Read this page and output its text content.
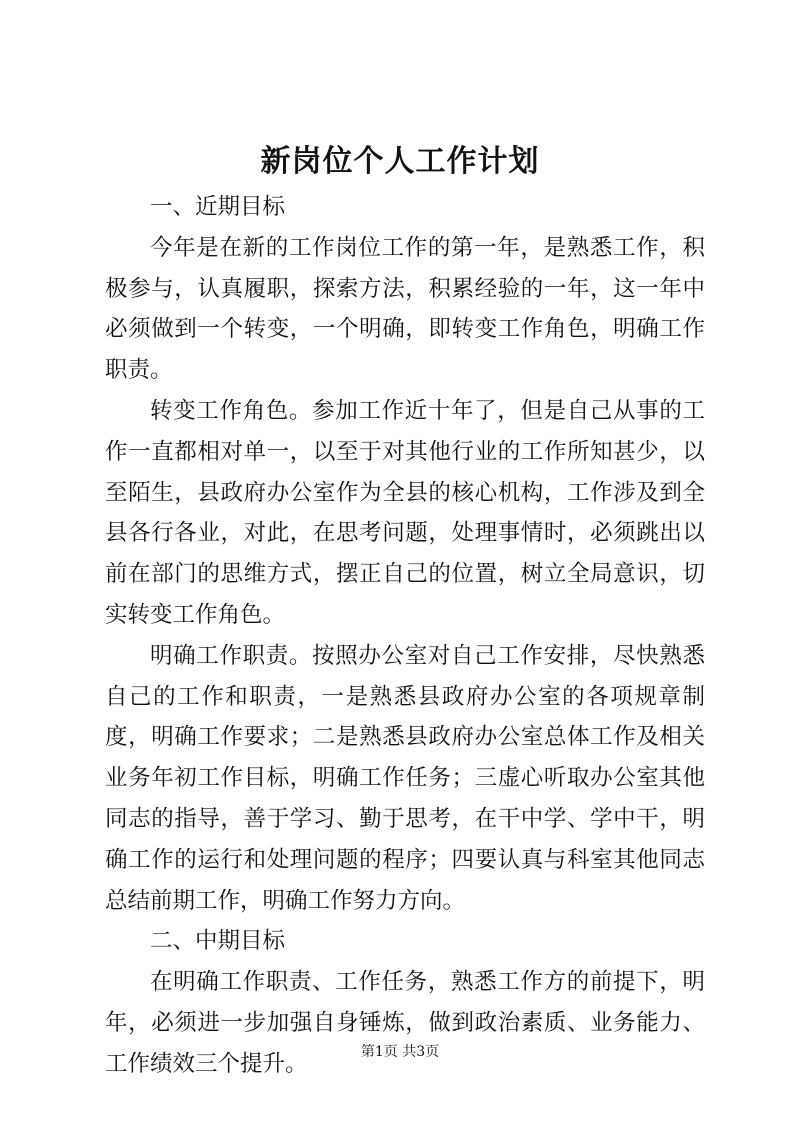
新岗位个人工作计划

一、近期目标

今年是在新的工作岗位工作的第一年，是熟悉工作，积极参与，认真履职，探索方法，积累经验的一年，这一年中必须做到一个转变，一个明确，即转变工作角色，明确工作职责。

转变工作角色。参加工作近十年了，但是自己从事的工作一直都相对单一，以至于对其他行业的工作所知甚少，以至陌生，县政府办公室作为全县的核心机构，工作涉及到全县各行各业，对此，在思考问题，处理事情时，必须跳出以前在部门的思维方式，摆正自己的位置，树立全局意识，切实转变工作角色。

明确工作职责。按照办公室对自己工作安排，尽快熟悉自己的工作和职责，一是熟悉县政府办公室的各项规章制度，明确工作要求；二是熟悉县政府办公室总体工作及相关业务年初工作目标，明确工作任务；三虚心听取办公室其他同志的指导，善于学习、勤于思考，在干中学、学中干，明确工作的运行和处理问题的程序；四要认真与科室其他同志总结前期工作，明确工作努力方向。

二、中期目标

在明确工作职责、工作任务，熟悉工作方的前提下，明年，必须进一步加强自身锤炼，做到政治素质、业务能力、工作绩效三个提升。	第1页 共3页
